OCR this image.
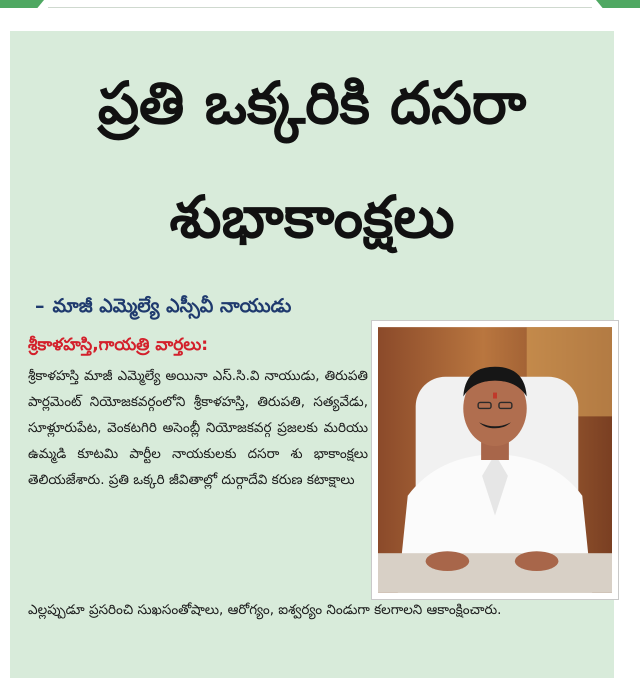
ప్రతి ఒక్కరికి దసరా
శుభాకాంక్షలు
– మాజీ ఎమ్మెల్యే ఎస్సీవీ నాయుడు
శ్రీకాళహస్తి,గాయత్రి వార్తలు:

శ్రీకాళహస్తి మాజీ ఎమ్మెల్యే అయినా ఎస్.సి.వి నాయుడు, తిరుపతి పార్లమెంట్ నియోజకవర్గంలోని శ్రీకాళహస్తి, తిరుపతి, సత్యవేడు, సూళ్లూరుపేట, వెంకటగిరి అసెంబ్లీ నియోజకవర్గ ప్రజలకు మరియు ఉమ్మడి కూటమి పార్టీల నాయకులకు దసరా శు భాకాంక్షలు తెలియజేశారు. ప్రతి ఒక్కరి జీవితాల్లో దుర్గాదేవి కరుణ కటాక్షాలు

ఎల్లప్పుడూ ప్రసరించి సుఖసంతోషాలు, ఆరోగ్యం, ఐశ్వర్యం నిండుగా కలగాలని ఆకాంక్షించారు.
